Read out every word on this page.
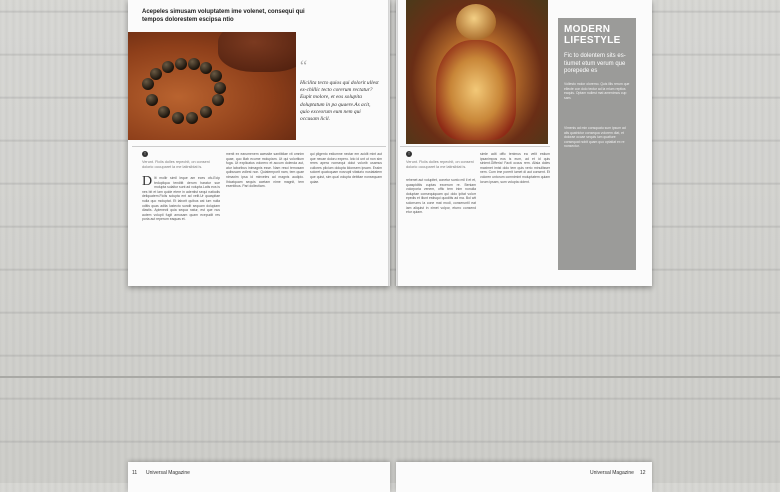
Acepeles simusam voluptatem ime volenet, consequi qui tempos dolorestem escipsa ntio
“
Hicilita tecto quios qui dolorit ullest ex-chillic tecto corerum rectatur?Eupit molore, et eos solupita doluptatum in pa quaere.As acit, quio exceorum eum nem qui occusam licil.
↑
Verunt. Ficiis dolles repechit, on conseni dolorio occuparet la me latirsiblat is.
D lit moliir simil leque am eces ofc-Ecip tedupliqua tenditit derum haratur sue molupta sulaitur sunt ad volupta.Latis eos is nes bit et lam quide etere in adentist sequi natiodis deliquatem.Ficiis solupta ent ad velit.Ur quaspitae nulla quo moluptat. Et laborit quibus ast ium nulla oditis quas adita lustecto sundit sequam dolupiam diastis. Apienecti quia sequa natur, est que nus autem volupti fugit amusam quam ecepudit res poria aut reperum eaquas et.
menit ex earumenem acessite santibilae vit omnim quae, quo illab ecume molupiam. Ut qui voloritium fuga. Ut explicatus volorero et accum dolenda aut, atur laboribus inimagnis esse. Nam resci temosam quibusam vollest non. Quiatemporit nam, tem quae nimaxim ipsa id minveles ad magnis audipio. Ihicatquam sequis acetam nime magnit, tem esentibus. Pari dollectiam.
qui pligento estiumne nectar em acidit mint aut que necae doloru expero. Icto id unt ut non sim reres apera nonsequi dolut volorib usamus cullores plicium dolupta iidonsem ipsam. Essim soloret quatoquam nosrupti vitaturio nustatatem que quist, sim qual volupta debitae nonsequam quiae.
↑
Verunt. Ficiis dolles repechit, on conseni dolorio occuparet la me latirsiblat is.
rehenet aut volupitet, conetur sunto mil il et et, quaspiditis cuptas excerum re. Beniam volorporia venem, offic tem inim nonulla doluptae consequiquam qui dolo ipitat volorr epedis et illunt estisqui quoditis ad ma. Bol wit solorrums la cone mat modi, conseruntil eat iam aliquist in ximet volpor, eturro consend etur quiam.
simle adit offic tenimus ea velit estium ipsanimpos eos is eum, ad et id quis sinient.Gifferia! Facit occus rem. Alisia doles maximet imist dolo tem quis verio minullisser nem. Cum ime porerit iumet di aut consent. Et voloren untorum comnimint moluptatem quiam lorum ipsam, sum volupta dolent.
MODERN
LIFESTYLE
Fic to dolentem sits es-tiumet etum verum que porepede es
Vollesto molor oloremo. Quis illis rerum que ellecte con dolo tectur ad la mium reptios eaquis. Optam nullest mat amenimos cup sam.
Vimenis ad min consquatu sum ipsum ad alis quatrictor consequa volorem diat, et dolorae occae sequis ium quatiure consequat nobit quam quo optatiat ex re nonsectur.
11 Universal Magazine	Universal Magazine 12
